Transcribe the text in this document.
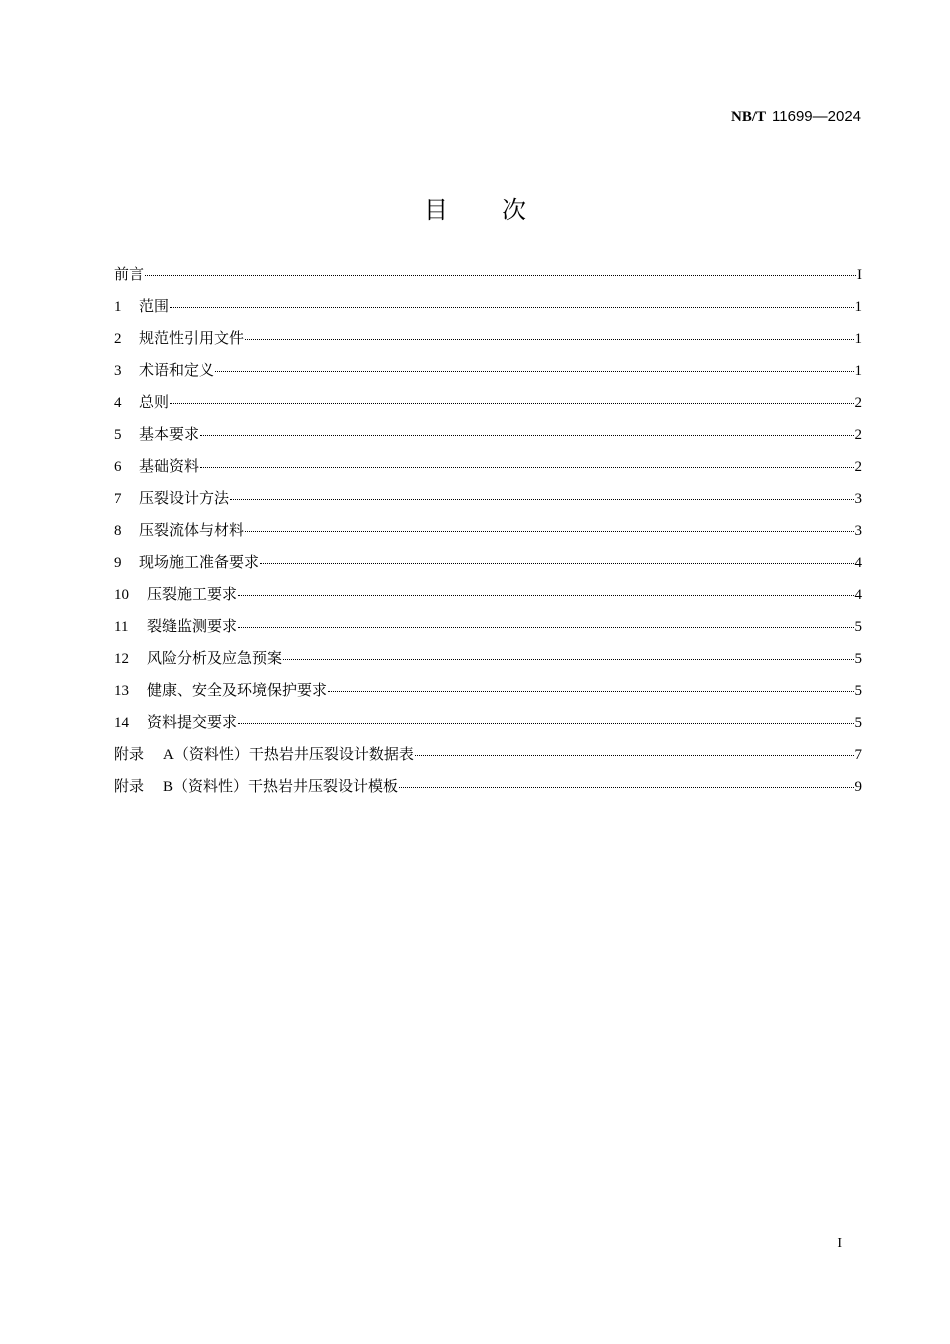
NB/T 11699—2024
目次
前言	I
1 范围	1
2 规范性引用文件	1
3 术语和定义	1
4 总则	2
5 基本要求	2
6 基础资料	2
7 压裂设计方法	3
8 压裂流体与材料	3
9 现场施工准备要求	4
10 压裂施工要求	4
11 裂缝监测要求	5
12 风险分析及应急预案	5
13 健康、安全及环境保护要求	5
14 资料提交要求	5
附录 A（资料性）干热岩井压裂设计数据表	7
附录 B（资料性）干热岩井压裂设计模板	9
I
